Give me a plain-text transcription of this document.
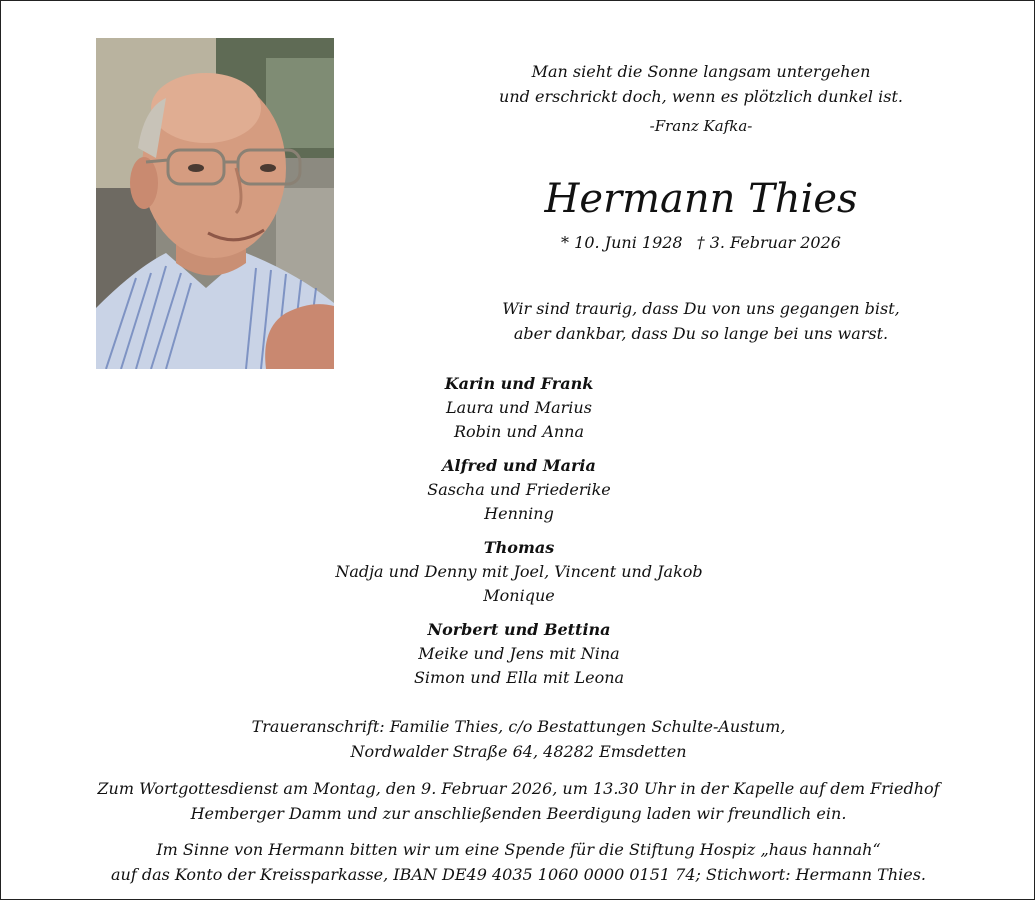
Man sieht die Sonne langsam untergehen
und erschrickt doch, wenn es plötzlich dunkel ist.
-Franz Kafka-
Hermann Thies
* 10. Juni 1928 † 3. Februar 2026
Wir sind traurig, dass Du von uns gegangen bist,
aber dankbar, dass Du so lange bei uns warst.
Karin und Frank
Laura und Marius
Robin und Anna
Alfred und Maria
Sascha und Friederike
Henning
Thomas
Nadja und Denny mit Joel, Vincent und Jakob
Monique
Norbert und Bettina
Meike und Jens mit Nina
Simon und Ella mit Leona
Traueranschrift: Familie Thies, c/o Bestattungen Schulte-Austum,
Nordwalder Straße 64, 48282 Emsdetten
Zum Wortgottesdienst am Montag, den 9. Februar 2026, um 13.30 Uhr in der Kapelle auf dem Friedhof
Hemberger Damm und zur anschließenden Beerdigung laden wir freundlich ein.
Im Sinne von Hermann bitten wir um eine Spende für die Stiftung Hospiz „haus hannah“
auf das Konto der Kreissparkasse, IBAN DE49 4035 1060 0000 0151 74; Stichwort: Hermann Thies.
